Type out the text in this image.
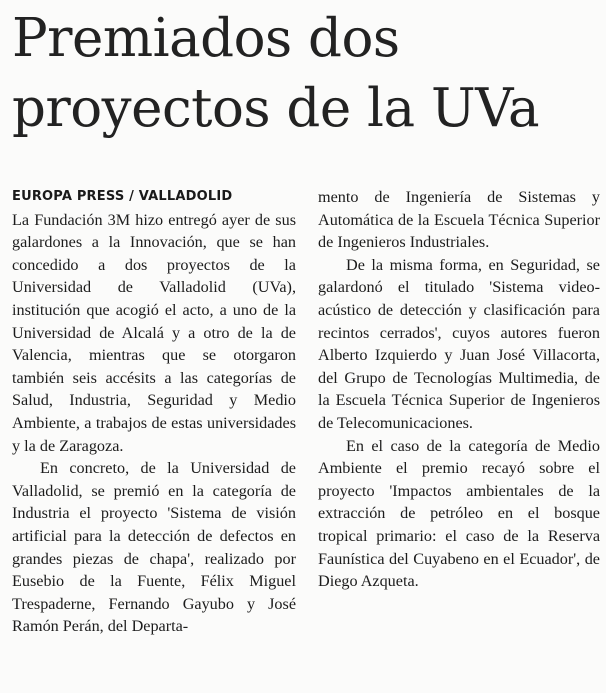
Premiados dos
proyectos de la UVa

EUROPA PRESS / VALLADOLID

La Fundación 3M hizo entregó ayer de sus galardones a la Innovación, que se han concedido a dos proyectos de la Universidad de Valladolid (UVa), institución que acogió el acto, a uno de la Universidad de Alcalá y a otro de la de Valencia, mientras que se otorgaron también seis accésits a las categorías de Salud, Industria, Seguridad y Medio Ambiente, a trabajos de estas universidades y la de Zaragoza.

En concreto, de la Universidad de Valladolid, se premió en la categoría de Industria el proyecto 'Sistema de visión artificial para la detección de defectos en grandes piezas de chapa', realizado por Eusebio de la Fuente, Félix Miguel Trespaderne, Fernando Gayubo y José Ramón Perán, del Departa-

mento de Ingeniería de Sistemas y Automática de la Escuela Técnica Superior de Ingenieros Industriales.

De la misma forma, en Seguridad, se galardonó el titulado 'Sistema video-acústico de detección y clasificación para recintos cerrados', cuyos autores fueron Alberto Izquierdo y Juan José Villacorta, del Grupo de Tecnologías Multimedia, de la Escuela Técnica Superior de Ingenieros de Telecomunicaciones.

En el caso de la categoría de Medio Ambiente el premio recayó sobre el proyecto 'Impactos ambientales de la extracción de petróleo en el bosque tropical primario: el caso de la Reserva Faunística del Cuyabeno en el Ecuador', de Diego Azqueta.
